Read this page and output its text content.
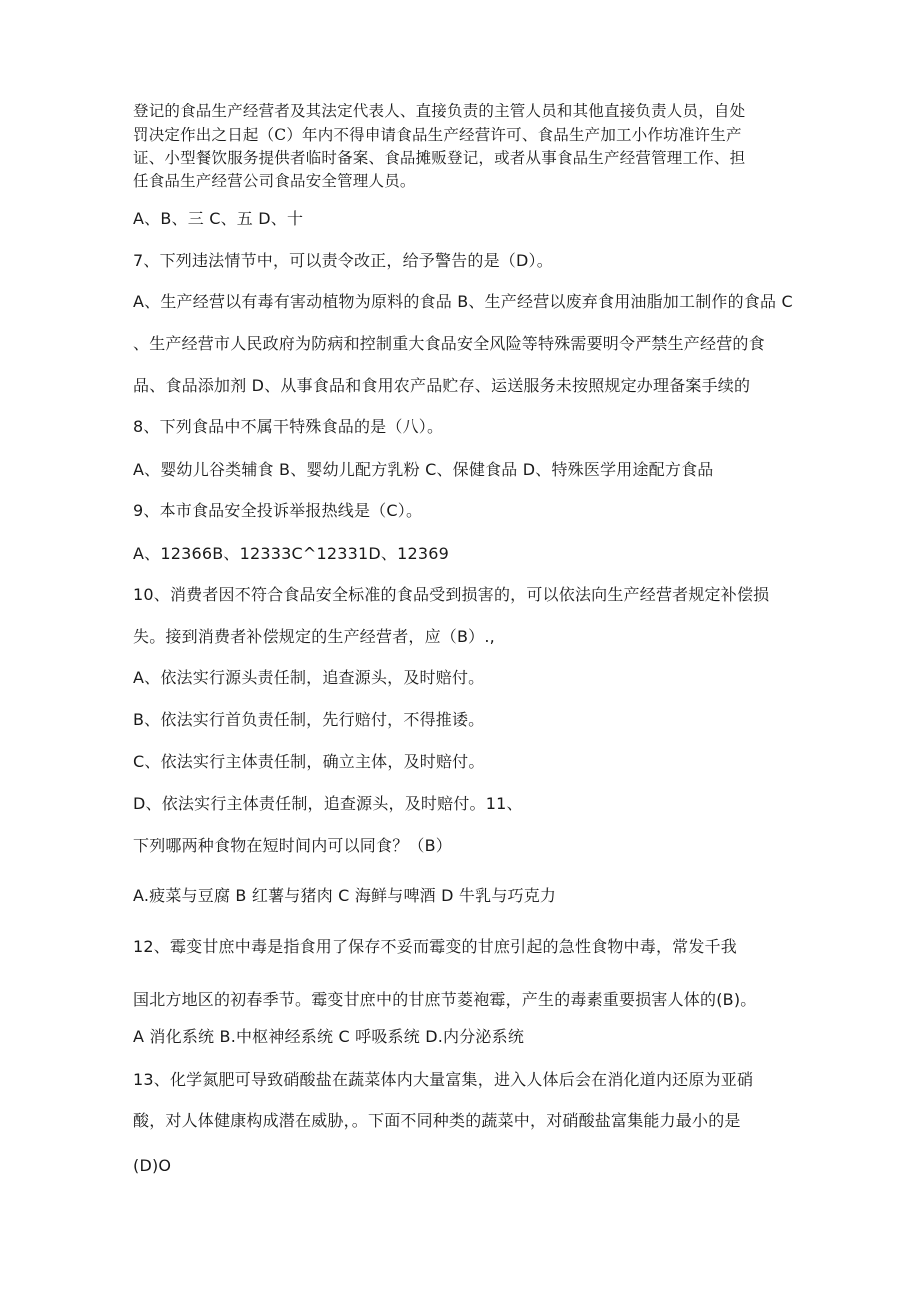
登记的食品生产经营者及其法定代表人、直接负责的主管人员和其他直接负责人员，自处
罚决定作出之日起（C）年内不得申请食品生产经营许可、食品生产加工小作坊准许生产
证、小型餐饮服务提供者临时备案、食品摊贩登记，或者从事食品生产经营管理工作、担
任食品生产经营公司食品安全管理人员。
A、B、三 C、五 D、十
7、下列违法情节中，可以责令改正，给予警告的是（D）。
A、生产经营以有毒有害动植物为原料的食品 B、生产经营以废弃食用油脂加工制作的食品 C
、生产经营市人民政府为防病和控制重大食品安全风险等特殊需要明令严禁生产经营的食
品、食品添加剂 D、从事食品和食用农产品贮存、运送服务未按照规定办理备案手续的
8、下列食品中不属干特殊食品的是（八）。
A、婴幼儿谷类辅食 B、婴幼儿配方乳粉 C、保健食品 D、特殊医学用途配方食品
9、本市食品安全投诉举报热线是（C）。
A、12366B、12333C^12331D、12369
10、消费者因不符合食品安全标准的食品受到损害的，可以依法向生产经营者规定补偿损
失。接到消费者补偿规定的生产经营者，应（B）.,
A、依法实行源头责任制，追查源头，及时赔付。
B、依法实行首负责任制，先行赔付，不得推诿。
C、依法实行主体责任制，确立主体，及时赔付。
D、依法实行主体责任制，追查源头，及时赔付。11、
下列哪两种食物在短时间内可以同食？（B）
A.疲菜与豆腐 B 红薯与猪肉 C 海鲜与啤酒 D 牛乳与巧克力
12、霉变甘庶中毒是指食用了保存不妥而霉变的甘庶引起的急性食物中毒，常发千我
国北方地区的初春季节。霉变甘庶中的甘庶节菱袍霉，产生的毒素重要损害人体的(B)。
A 消化系统 B.中枢神经系统 C 呼吸系统 D.内分泌系统
13、化学氮肥可导致硝酸盐在蔬菜体内大量富集，进入人体后会在消化道内还原为亚硝
酸，对人体健康构成潜在威胁，。下面不同种类的蔬菜中，对硝酸盐富集能力最小的是
(D)O
